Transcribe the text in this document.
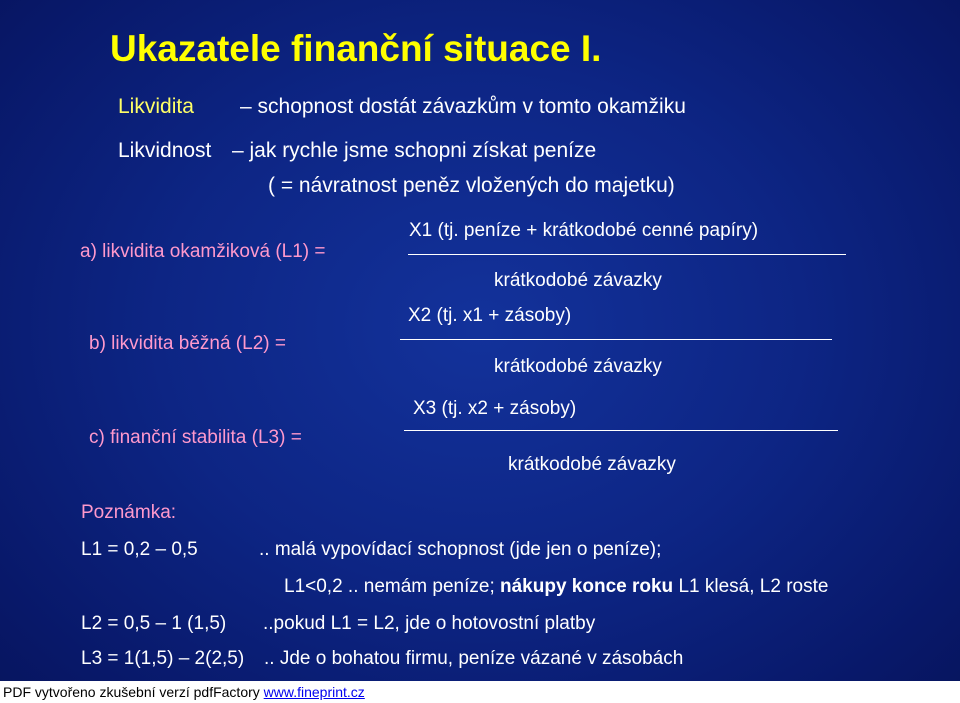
Ukazatele finanční situace I.
Likvidita – schopnost dostát závazkům v tomto okamžiku
Likvidnost – jak rychle jsme schopni získat peníze
( = návratnost peněz vložených do majetku)
a) likvidita okamžiková (L1) =
X1 (tj. peníze + krátkodobé cenné papíry)
krátkodobé závazky
b) likvidita běžná (L2) =
X2 (tj. x1 + zásoby)
krátkodobé závazky
c) finanční stabilita (L3) =
X3 (tj. x2 + zásoby)
krátkodobé závazky
Poznámka:
L1 = 0,2 – 0,5	.. malá vypovídací schopnost (jde jen o peníze);
L1<0,2 .. nemám peníze; nákupy konce roku L1 klesá, L2 roste
L2 = 0,5 – 1 (1,5) ..pokud L1 = L2, jde o hotovostní platby
L3 = 1(1,5) – 2(2,5) .. Jde o bohatou firmu, peníze vázané v zásobách
PDF vytvořeno zkušební verzí pdfFactory www.fineprint.cz
